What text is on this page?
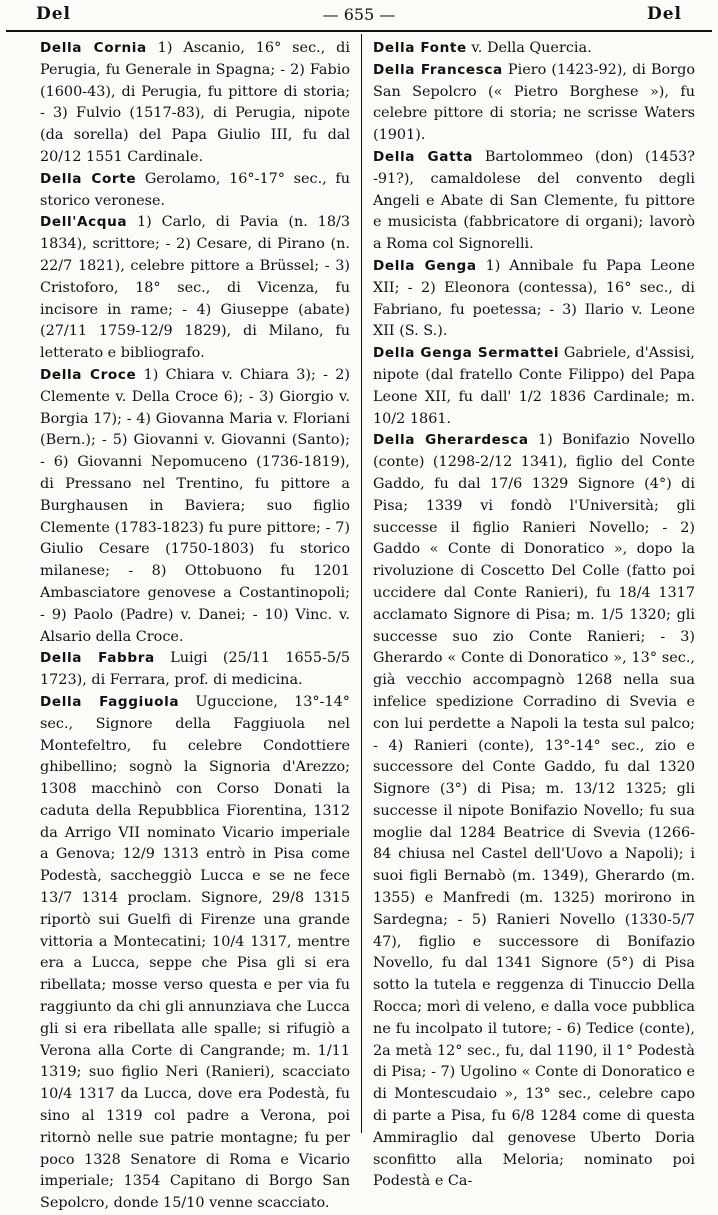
Del	— 655 —	Del

Della Cornia 1) Ascanio, 16° sec., di Perugia, fu Generale in Spagna; - 2) Fabio (1600-43), di Perugia, fu pittore di storia; - 3) Fulvio (1517-83), di Perugia, nipote (da sorella) del Papa Giulio III, fu dal 20/12 1551 Cardinale.

Della Corte Gerolamo, 16°-17° sec., fu storico veronese.

Dell'Acqua 1) Carlo, di Pavia (n. 18/3 1834), scrittore; - 2) Cesare, di Pirano (n. 22/7 1821), celebre pittore a Brüssel; - 3) Cristoforo, 18° sec., di Vicenza, fu incisore in rame; - 4) Giuseppe (abate) (27/11 1759-12/9 1829), di Milano, fu letterato e bibliografo.

Della Croce 1) Chiara v. Chiara 3); - 2) Clemente v. Della Croce 6); - 3) Giorgio v. Borgia 17); - 4) Giovanna Maria v. Floriani (Bern.); - 5) Giovanni v. Giovanni (Santo); - 6) Giovanni Nepomuceno (1736-1819), di Pressano nel Trentino, fu pittore a Burghausen in Baviera; suo figlio Clemente (1783-1823) fu pure pittore; - 7) Giulio Cesare (1750-1803) fu storico milanese; - 8) Ottobuono fu 1201 Ambasciatore genovese a Costantinopoli; - 9) Paolo (Padre) v. Danei; - 10) Vinc. v. Alsario della Croce.

Della Fabbra Luigi (25/11 1655-5/5 1723), di Ferrara, prof. di medicina.

Della Faggiuola Uguccione, 13°-14° sec., Signore della Faggiuola nel Montefeltro, fu celebre Condottiere ghibellino; sognò la Signoria d'Arezzo; 1308 macchinò con Corso Donati la caduta della Repubblica Fiorentina, 1312 da Arrigo VII nominato Vicario imperiale a Genova; 12/9 1313 entrò in Pisa come Podestà, saccheggiò Lucca e se ne fece 13/7 1314 proclam. Signore, 29/8 1315 riportò sui Guelfi di Firenze una grande vittoria a Montecatini; 10/4 1317, mentre era a Lucca, seppe che Pisa gli si era ribellata; mosse verso questa e per via fu raggiunto da chi gli annunziava che Lucca gli si era ribellata alle spalle; si rifugiò a Verona alla Corte di Cangrande; m. 1/11 1319; suo figlio Neri (Ranieri), scacciato 10/4 1317 da Lucca, dove era Podestà, fu sino al 1319 col padre a Verona, poi ritornò nelle sue patrie montagne; fu per poco 1328 Senatore di Roma e Vicario imperiale; 1354 Capitano di Borgo San Sepolcro, donde 15/10 venne scacciato.

Della Fonte v. Della Quercia.

Della Francesca Piero (1423-92), di Borgo San Sepolcro (« Pietro Borghese »), fu celebre pittore di storia; ne scrisse Waters (1901).

Della Gatta Bartolommeo (don) (1453?-91?), camaldolese del convento degli Angeli e Abate di San Clemente, fu pittore e musicista (fabbricatore di organi); lavorò a Roma col Signorelli.

Della Genga 1) Annibale fu Papa Leone XII; - 2) Eleonora (contessa), 16° sec., di Fabriano, fu poetessa; - 3) Ilario v. Leone XII (S. S.).

Della Genga Sermattei Gabriele, d'Assisi, nipote (dal fratello Conte Filippo) del Papa Leone XII, fu dall' 1/2 1836 Cardinale; m. 10/2 1861.

Della Gherardesca 1) Bonifazio Novello (conte) (1298-2/12 1341), figlio del Conte Gaddo, fu dal 17/6 1329 Signore (4°) di Pisa; 1339 vi fondò l'Università; gli successe il figlio Ranieri Novello; - 2) Gaddo « Conte di Donoratico », dopo la rivoluzione di Coscetto Del Colle (fatto poi uccidere dal Conte Ranieri), fu 18/4 1317 acclamato Signore di Pisa; m. 1/5 1320; gli successe suo zio Conte Ranieri; - 3) Gherardo « Conte di Donoratico », 13° sec., già vecchio accompagnò 1268 nella sua infelice spedizione Corradino di Svevia e con lui perdette a Napoli la testa sul palco; - 4) Ranieri (conte), 13°-14° sec., zio e successore del Conte Gaddo, fu dal 1320 Signore (3°) di Pisa; m. 13/12 1325; gli successe il nipote Bonifazio Novello; fu sua moglie dal 1284 Beatrice di Svevia (1266-84 chiusa nel Castel dell'Uovo a Napoli); i suoi figli Bernabò (m. 1349), Gherardo (m. 1355) e Manfredi (m. 1325) morirono in Sardegna; - 5) Ranieri Novello (1330-5/7 47), figlio e successore di Bonifazio Novello, fu dal 1341 Signore (5°) di Pisa sotto la tutela e reggenza di Tinuccio Della Rocca; morì di veleno, e dalla voce pubblica ne fu incolpato il tutore; - 6) Tedice (conte), 2a metà 12° sec., fu, dal 1190, il 1° Podestà di Pisa; - 7) Ugolino « Conte di Donoratico e di Montescudaio », 13° sec., celebre capo di parte a Pisa, fu 6/8 1284 come di questa Ammiraglio dal genovese Uberto Doria sconfitto alla Meloria; nominato poi Podestà e Ca-
